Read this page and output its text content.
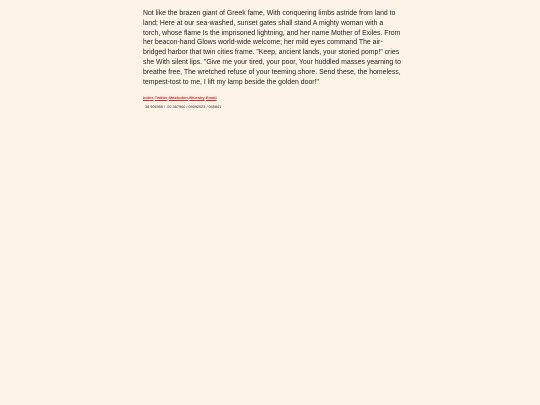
Not like the brazen giant of Greek fame, With conquering limbs astride from land to land; Here at our sea-washed, sunset gates shall stand A mighty woman with a torch, whose flame Is the imprisoned lightning, and her name Mother of Exiles. From her beacon-hand Glows world-wide welcome; her mild eyes command The air-bridged harbor that twin cities frame. "Keep, ancient lands, your storied pomp!" cries she With silent lips. "Give me your tired, your poor, Your huddled masses yearning to breathe free, The wretched refuse of your teeming shore. Send these, the homeless, tempest-tost to me, I lift my lamp beside the golden door!"

Index-Twitter-Mastodon-Bluesky-Email
38.904955 / -92.367960 / 09092023 / 045841
